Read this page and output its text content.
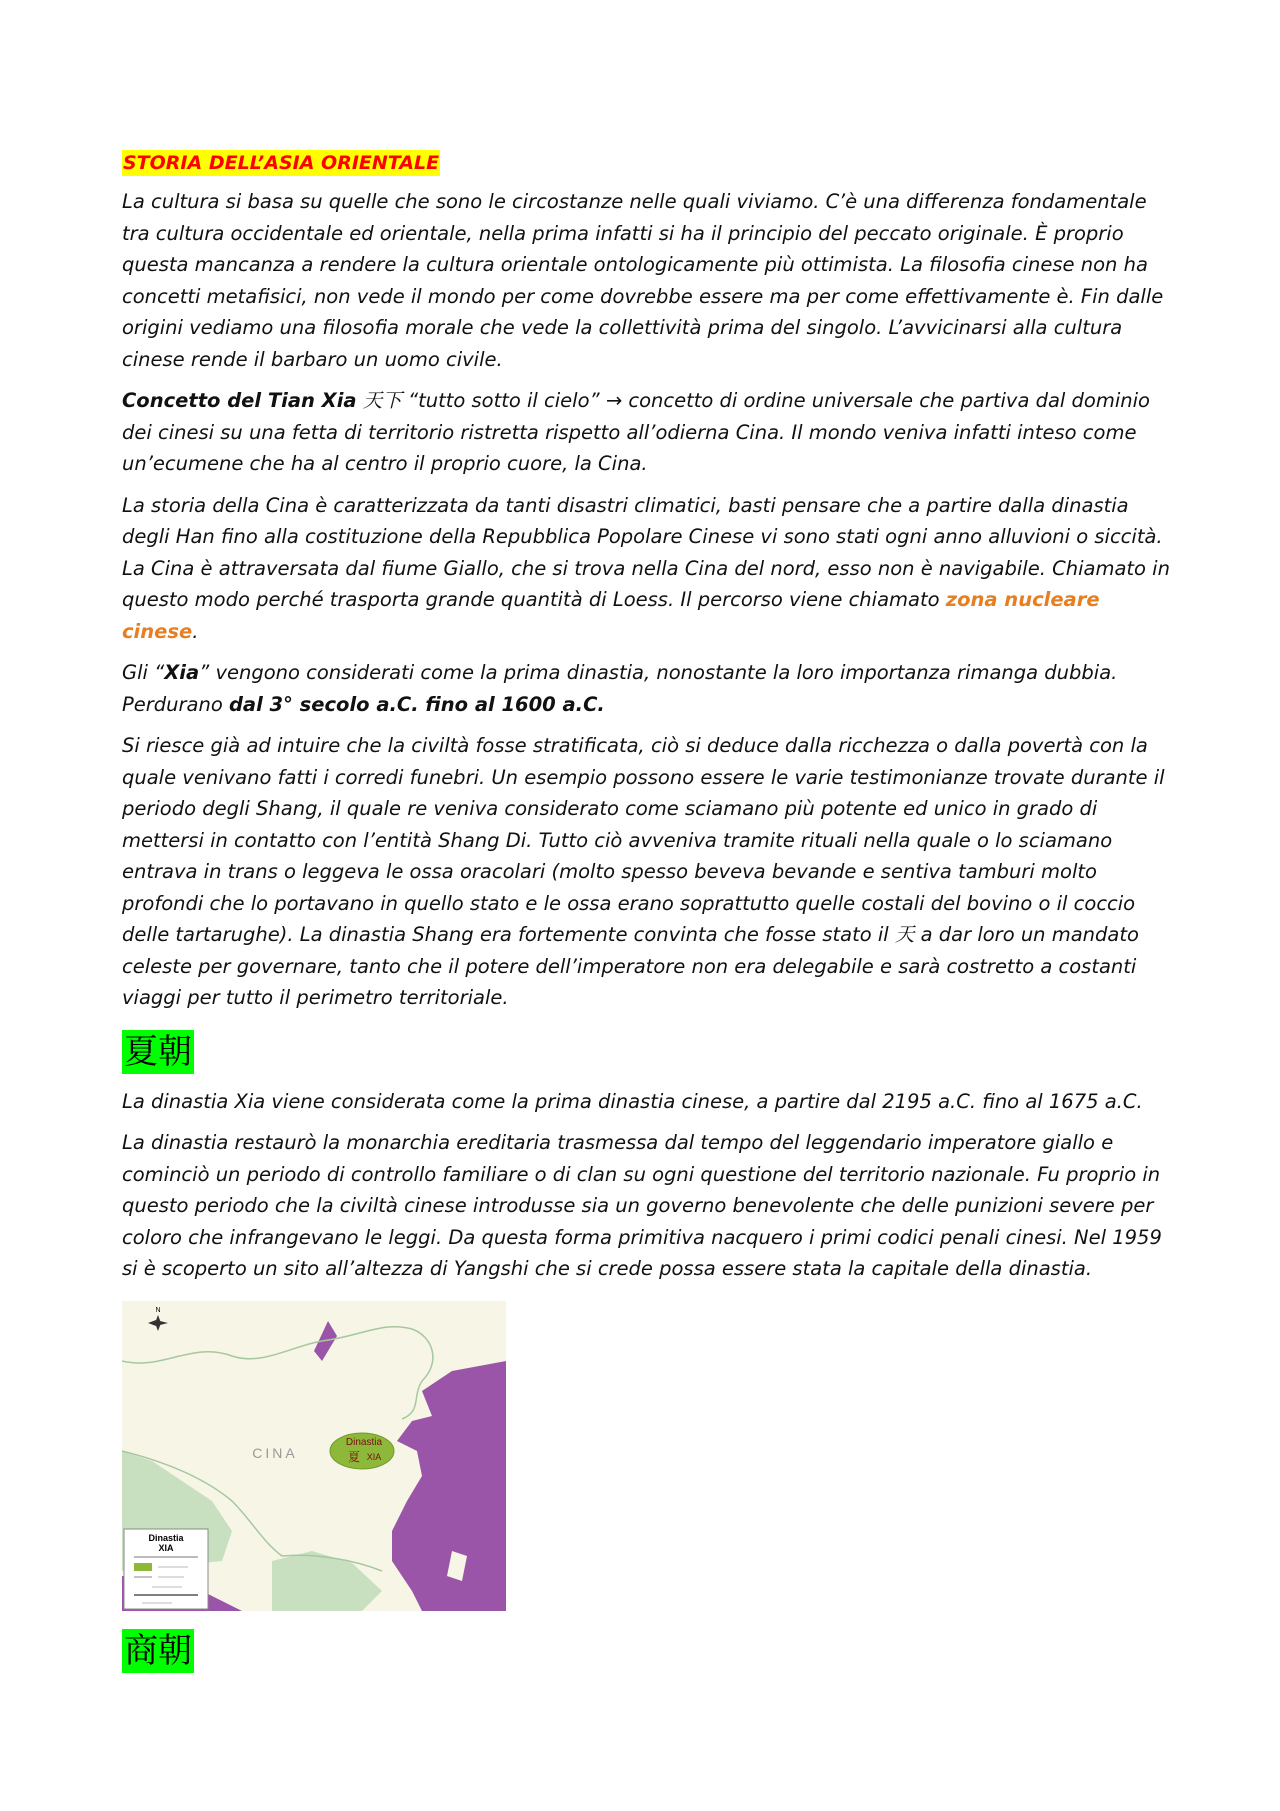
STORIA DELL’ASIA ORIENTALE

La cultura si basa su quelle che sono le circostanze nelle quali viviamo. C’è una differenza fondamentale tra cultura occidentale ed orientale, nella prima infatti si ha il principio del peccato originale. È proprio questa mancanza a rendere la cultura orientale ontologicamente più ottimista. La filosofia cinese non ha concetti metafisici, non vede il mondo per come dovrebbe essere ma per come effettivamente è. Fin dalle origini vediamo una filosofia morale che vede la collettività prima del singolo. L’avvicinarsi alla cultura cinese rende il barbaro un uomo civile.

Concetto del Tian Xia 天下 “tutto sotto il cielo” → concetto di ordine universale che partiva dal dominio dei cinesi su una fetta di territorio ristretta rispetto all’odierna Cina. Il mondo veniva infatti inteso come un’ecumene che ha al centro il proprio cuore, la Cina.

La storia della Cina è caratterizzata da tanti disastri climatici, basti pensare che a partire dalla dinastia degli Han fino alla costituzione della Repubblica Popolare Cinese vi sono stati ogni anno alluvioni o siccità. La Cina è attraversata dal fiume Giallo, che si trova nella Cina del nord, esso non è navigabile. Chiamato in questo modo perché trasporta grande quantità di Loess. Il percorso viene chiamato zona nucleare cinese.

Gli “Xia” vengono considerati come la prima dinastia, nonostante la loro importanza rimanga dubbia. Perdurano dal 3° secolo a.C. fino al 1600 a.C.

Si riesce già ad intuire che la civiltà fosse stratificata, ciò si deduce dalla ricchezza o dalla povertà con la quale venivano fatti i corredi funebri. Un esempio possono essere le varie testimonianze trovate durante il periodo degli Shang, il quale re veniva considerato come sciamano più potente ed unico in grado di mettersi in contatto con l’entità Shang Di. Tutto ciò avveniva tramite rituali nella quale o lo sciamano entrava in trans o leggeva le ossa oracolari (molto spesso beveva bevande e sentiva tamburi molto profondi che lo portavano in quello stato e le ossa erano soprattutto quelle costali del bovino o il coccio delle tartarughe). La dinastia Shang era fortemente convinta che fosse stato il 天 a dar loro un mandato celeste per governare, tanto che il potere dell’imperatore non era delegabile e sarà costretto a costanti viaggi per tutto il perimetro territoriale.

夏朝

La dinastia Xia viene considerata come la prima dinastia cinese, a partire dal 2195 a.C. fino al 1675 a.C.

La dinastia restaurò la monarchia ereditaria trasmessa dal tempo del leggendario imperatore giallo e cominciò un periodo di controllo familiare o di clan su ogni questione del territorio nazionale. Fu proprio in questo periodo che la civiltà cinese introdusse sia un governo benevolente che delle punizioni severe per coloro che infrangevano le leggi. Da questa forma primitiva nacquero i primi codici penali cinesi. Nel 1959 si è scoperto un sito all’altezza di Yangshi che si crede possa essere stata la capitale della dinastia.

Dinastia
夏 XIA
CINA
N
Dinastia
XIA
商朝
